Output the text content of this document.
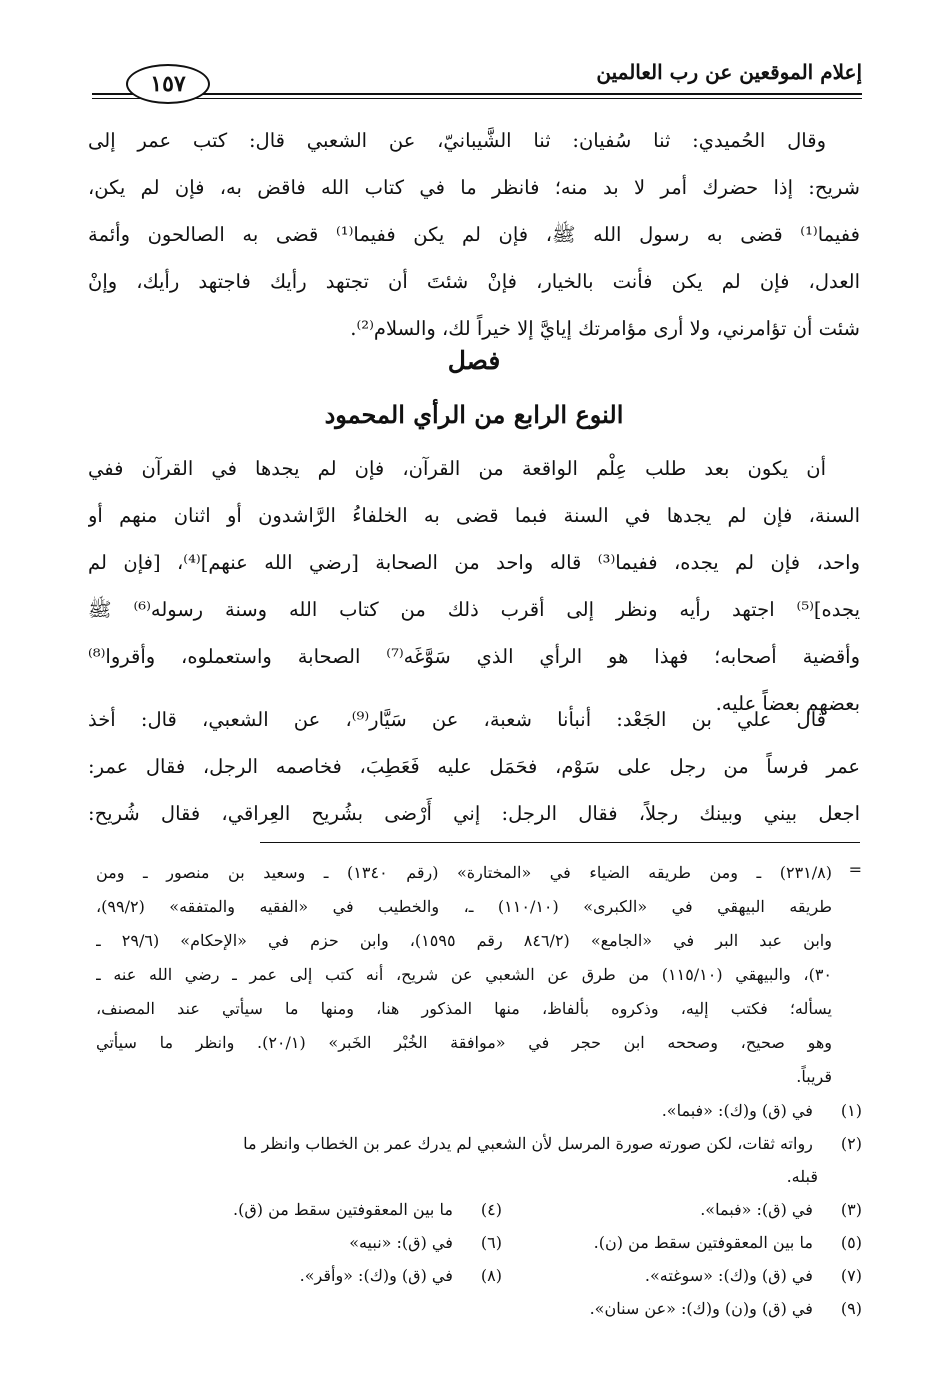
إعلام الموقعين عن رب العالمين
١٥٧
وقال الحُميدي: ثنا سُفيان: ثنا الشَّيبانيّ، عن الشعبي قال: كتب عمر إلى
شريح: إذا حضرك أمر لا بد منه؛ فانظر ما في كتاب الله فاقض به، فإن لم يكن،
ففيما⁽¹⁾ قضى به رسول الله ﷺ، فإن لم يكن ففيما⁽¹⁾ قضى به الصالحون وأئمة
العدل، فإن لم يكن فأنت بالخيار، فإنْ شئتَ أن تجتهد رأيك فاجتهد رأيك، وإنْ
شئت أن تؤامرني، ولا أرى مؤامرتك إيايَّ إلا خيراً لك، والسلام⁽²⁾.
فصل
النوع الرابع من الرأي المحمود
أن يكون بعد طلب عِلْم الواقعة من القرآن، فإن لم يجدها في القرآن ففي
السنة، فإن لم يجدها في السنة فبما قضى به الخلفاءُ الرَّاشدون أو اثنان منهم أو
واحد، فإن لم يجده، ففيما⁽³⁾ قاله واحد من الصحابة [رضي الله عنهم]⁽⁴⁾، [فإن لم
يجده]⁽⁵⁾ اجتهد رأيه ونظر إلى أقرب ذلك من كتاب الله وسنة رسوله⁽⁶⁾ ﷺ
وأقضية أصحابه؛ فهذا هو الرأي الذي سَوَّغَه⁽⁷⁾ الصحابة واستعملوه، وأقروا⁽⁸⁾
بعضهم بعضاً عليه.
قال علي بن الجَعْد: أنبأنا شعبة، عن سَيَّار⁽⁹⁾، عن الشعبي، قال: أخذ
عمر فرساً من رجل على سَوْم، فحَمَل عليه فَعَطِبَ، فخاصمه الرجل، فقال عمر:
اجعل بيني وبينك رجلاً، فقال الرجل: إني أَرْضى بشُريح العِراقي، فقال شُريح:
=
(٢٣١/٨) ـ ومن طريقه الضياء في «المختارة» (رقم ١٣٤٠) ـ وسعيد بن منصور ـ ومن
طريقه البيهقي في «الكبرى» (١١٠/١٠) ـ، والخطيب في «الفقيه والمتفقه» (٩٩/٢)،
وابن عبد البر في «الجامع» (٨٤٦/٢ رقم ١٥٩٥)، وابن حزم في «الإحكام» (٢٩/٦ ـ
٣٠)، والبيهقي (١١٥/١٠) من طرق عن الشعبي عن شريح، أنه كتب إلى عمر ـ رضي الله عنه ـ
يسأله؛ فكتب إليه، وذكروه بألفاظ، منها المذكور هنا، ومنها ما سيأتي عند المصنف،
وهو صحيح، وصححه ابن حجر في «موافقة الخُبْر الخَبر» (٢٠/١). وانظر ما سيأتي
قريباً.
(١) في (ق) و(ك): «فبما».
(٢) رواته ثقات، لكن صورته صورة المرسل لأن الشعبي لم يدرك عمر بن الخطاب وانظر ما
قبله.
(٣) في (ق): «فبما».
(٤) ما بين المعقوفتين سقط من (ق).
(٥) ما بين المعقوفتين سقط من (ن).
(٦) في (ق): «نبيه»
(٧) في (ق) و(ك): «سوغته».
(٨) في (ق) و(ك): «وأقر».
(٩) في (ق) و(ن) و(ك): «عن سنان».
